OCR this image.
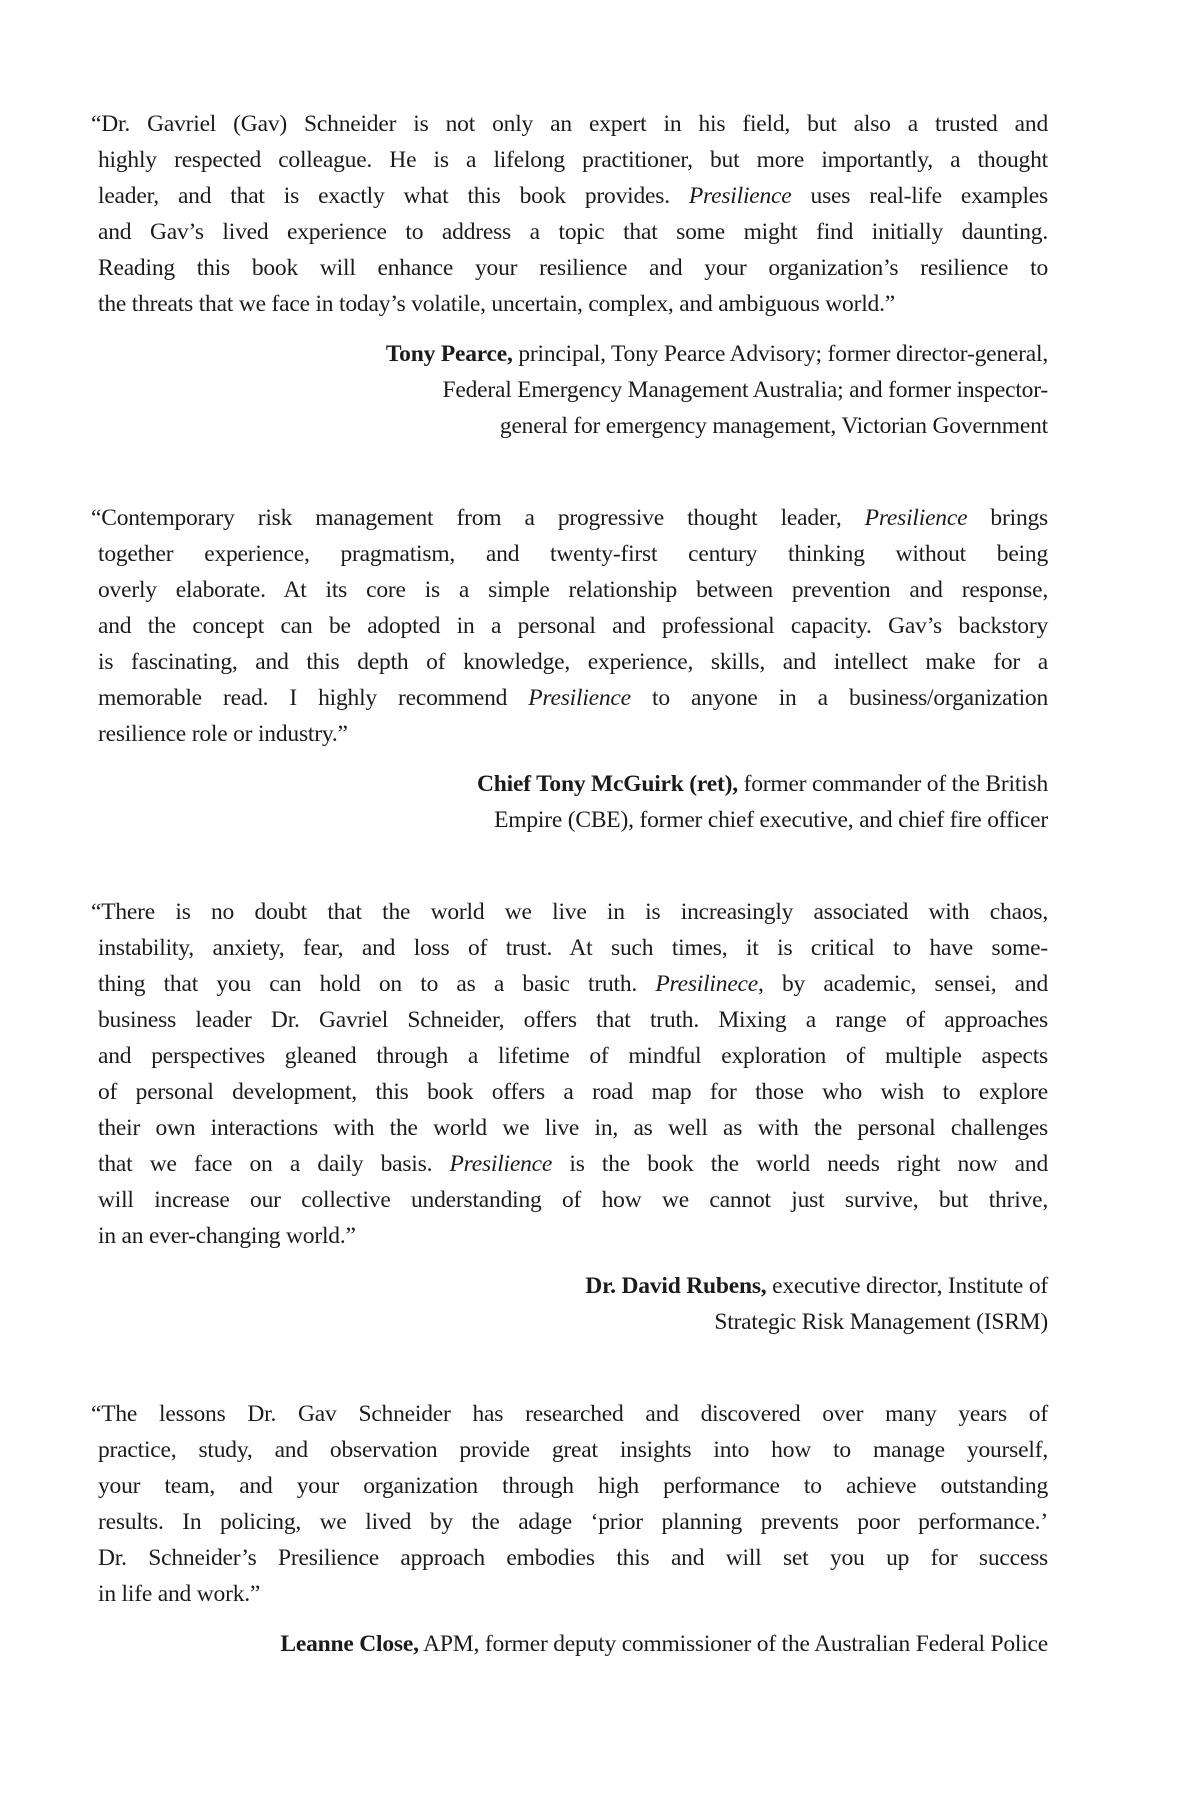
“Dr. Gavriel (Gav) Schneider is not only an expert in his field, but also a trusted and
highly respected colleague. He is a lifelong practitioner, but more importantly, a thought
leader, and that is exactly what this book provides. Presilience uses real-life examples
and Gav’s lived experience to address a topic that some might find initially daunting.
Reading this book will enhance your resilience and your organization’s resilience to
the threats that we face in today’s volatile, uncertain, complex, and ambiguous world.”
Tony Pearce, principal, Tony Pearce Advisory; former director-general,
Federal Emergency Management Australia; and former inspector-
general for emergency management, Victorian Government
“Contemporary risk management from a progressive thought leader, Presilience brings
together experience, pragmatism, and twenty-first century thinking without being
overly elaborate. At its core is a simple relationship between prevention and response,
and the concept can be adopted in a personal and professional capacity. Gav’s backstory
is fascinating, and this depth of knowledge, experience, skills, and intellect make for a
memorable read. I highly recommend Presilience to anyone in a business/organization
resilience role or industry.”
Chief Tony McGuirk (ret), former commander of the British
Empire (CBE), former chief executive, and chief fire officer
“There is no doubt that the world we live in is increasingly associated with chaos,
instability, anxiety, fear, and loss of trust. At such times, it is critical to have some-
thing that you can hold on to as a basic truth. Presilinece, by academic, sensei, and
business leader Dr. Gavriel Schneider, offers that truth. Mixing a range of approaches
and perspectives gleaned through a lifetime of mindful exploration of multiple aspects
of personal development, this book offers a road map for those who wish to explore
their own interactions with the world we live in, as well as with the personal challenges
that we face on a daily basis. Presilience is the book the world needs right now and
will increase our collective understanding of how we cannot just survive, but thrive,
in an ever-changing world.”
Dr. David Rubens, executive director, Institute of
Strategic Risk Management (ISRM)
“The lessons Dr. Gav Schneider has researched and discovered over many years of
practice, study, and observation provide great insights into how to manage yourself,
your team, and your organization through high performance to achieve outstanding
results. In policing, we lived by the adage ‘prior planning prevents poor performance.’
Dr. Schneider’s Presilience approach embodies this and will set you up for success
in life and work.”
Leanne Close, APM, former deputy commissioner of the Australian Federal Police
